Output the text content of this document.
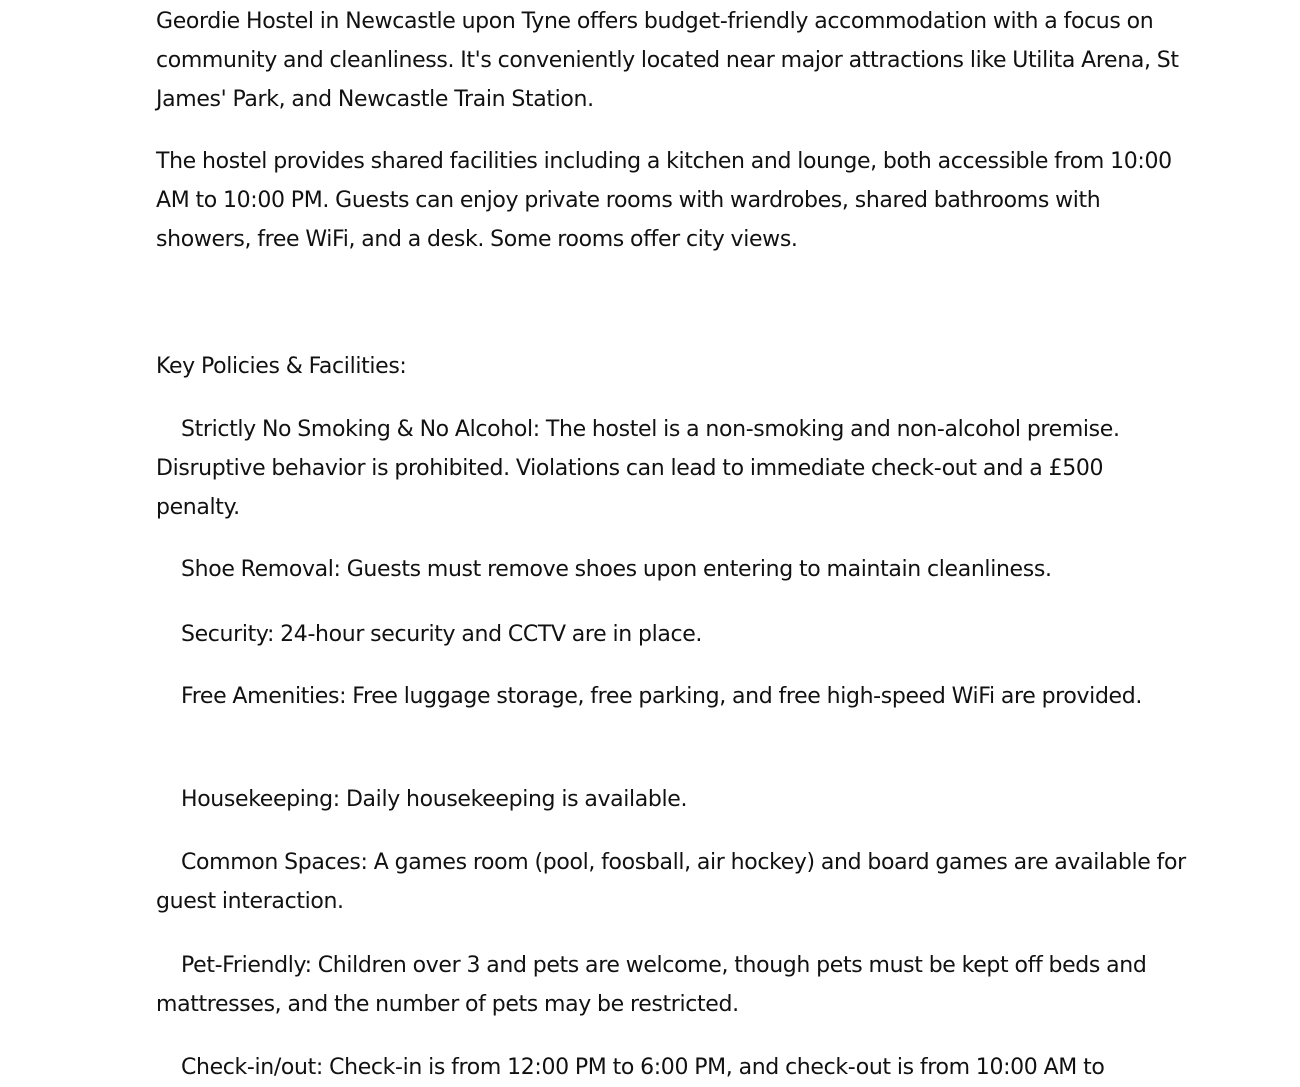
Geordie Hostel in Newcastle upon Tyne offers budget-friendly accommodation with a focus on community and cleanliness. It's conveniently located near major attractions like Utilita Arena, St James' Park, and Newcastle Train Station.

The hostel provides shared facilities including a kitchen and lounge, both accessible from 10:00 AM to 10:00 PM. Guests can enjoy private rooms with wardrobes, shared bathrooms with showers, free WiFi, and a desk. Some rooms offer city views.

Key Policies & Facilities:

Strictly No Smoking & No Alcohol: The hostel is a non-smoking and non-alcohol premise. Disruptive behavior is prohibited. Violations can lead to immediate check-out and a £500 penalty.

Shoe Removal: Guests must remove shoes upon entering to maintain cleanliness.

Security: 24-hour security and CCTV are in place.

Free Amenities: Free luggage storage, free parking, and free high-speed WiFi are provided.

Housekeeping: Daily housekeeping is available.

Common Spaces: A games room (pool, foosball, air hockey) and board games are available for guest interaction.

Pet-Friendly: Children over 3 and pets are welcome, though pets must be kept off beds and mattresses, and the number of pets may be restricted.

Check-in/out: Check-in is from 12:00 PM to 6:00 PM, and check-out is from 10:00 AM to
